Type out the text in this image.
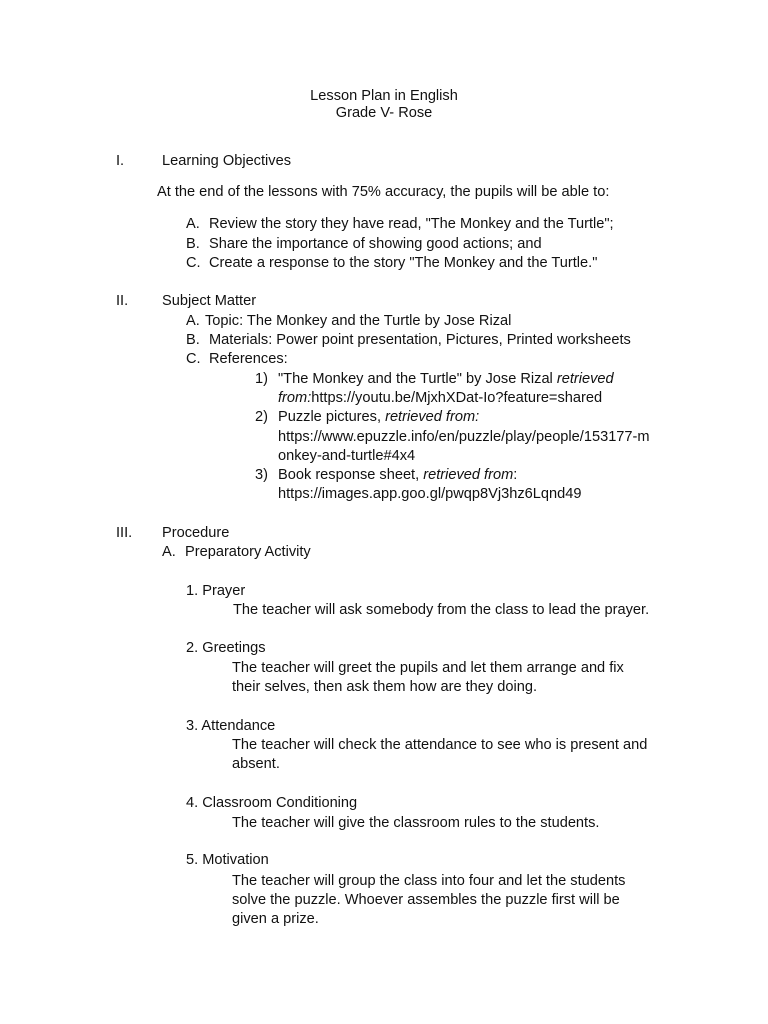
Lesson Plan in English
Grade V- Rose
I.	Learning Objectives
At the end of the lessons with 75% accuracy, the pupils will be able to:
A. Review the story they have read, "The Monkey and the Turtle";
B. Share the importance of showing good actions; and
C. Create a response to the story "The Monkey and the Turtle."
II. Subject Matter
A. Topic: The Monkey and the Turtle by Jose Rizal
B. Materials: Power point presentation, Pictures, Printed worksheets
C. References:
1) "The Monkey and the Turtle" by Jose Rizal retrieved
from:https://youtu.be/MjxhXDat-Io?feature=shared
2) Puzzle pictures, retrieved from:
https://www.epuzzle.info/en/puzzle/play/people/153177-m
onkey-and-turtle#4x4
3) Book response sheet, retrieved from:
https://images.app.goo.gl/pwqp8Vj3hz6Lqnd49
III. Procedure
A. Preparatory Activity
1. Prayer
The teacher will ask somebody from the class to lead the prayer.
2. Greetings
The teacher will greet the pupils and let them arrange and fix
their selves, then ask them how are they doing.
3. Attendance
The teacher will check the attendance to see who is present and
absent.
4. Classroom Conditioning
The teacher will give the classroom rules to the students.
5. Motivation
The teacher will group the class into four and let the students
solve the puzzle. Whoever assembles the puzzle first will be
given a prize.
